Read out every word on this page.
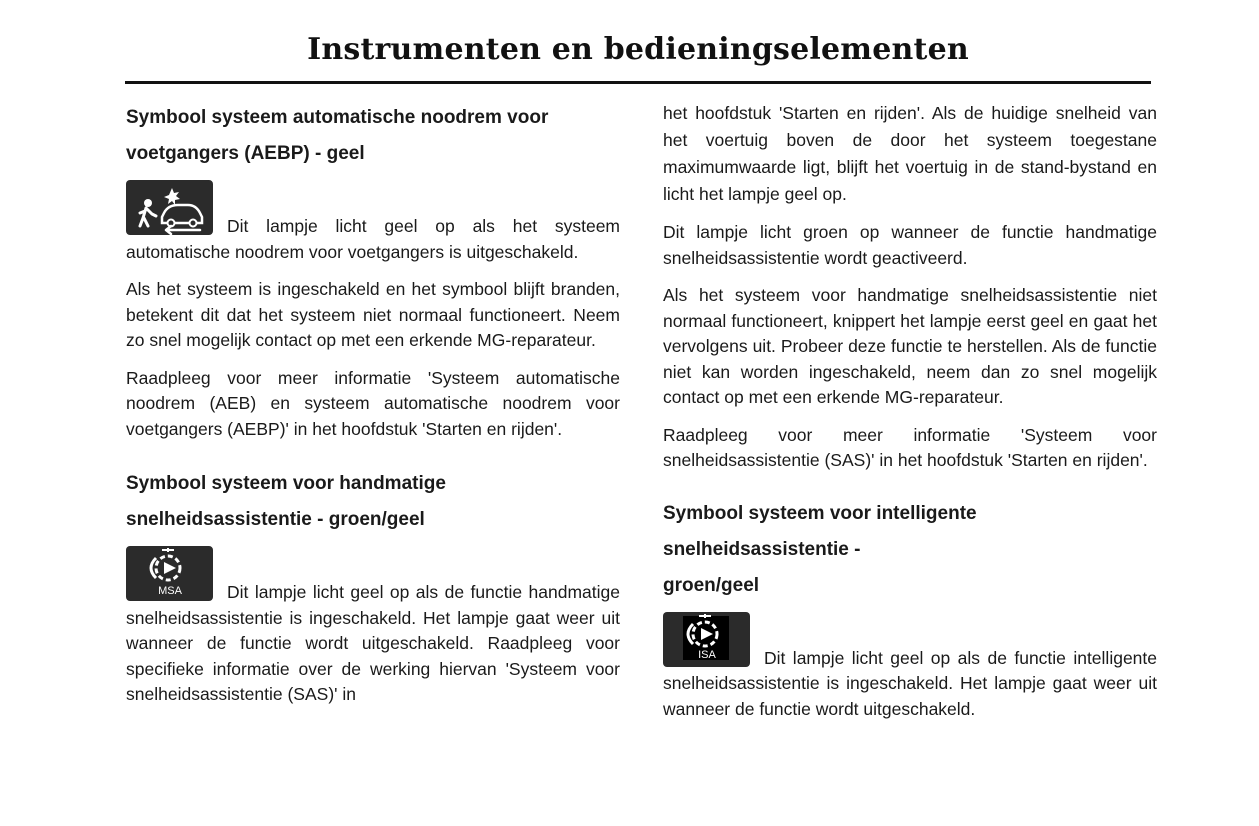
Instrumenten en bedieningselementen
Symbool systeem automatische noodrem voor
voetgangers (AEBP) - geel

Dit lampje licht geel op als het systeem automatische noodrem voor voetgangers is uitgeschakeld.

Als het systeem is ingeschakeld en het symbool blijft branden, betekent dit dat het systeem niet normaal functioneert. Neem zo snel mogelijk contact op met een erkende MG-reparateur.

Raadpleeg voor meer informatie 'Systeem automatische noodrem (AEB) en systeem automatische noodrem voor voetgangers (AEBP)' in het hoofdstuk 'Starten en rijden'.

Symbool systeem voor handmatige
snelheidsassistentie - groen/geel

MSA	Dit lampje licht geel op als de functie handmatige snelheidsassistentie is ingeschakeld. Het lampje gaat weer uit wanneer de functie wordt uitgeschakeld. Raadpleeg voor specifieke informatie over de werking hiervan 'Systeem voor snelheidsassistentie (SAS)' in

het hoofdstuk 'Starten en rijden'. Als de huidige snelheid van het voertuig boven de door het systeem toegestane maximumwaarde ligt, blijft het voertuig in de stand-bystand en licht het lampje geel op.

Dit lampje licht groen op wanneer de functie handmatige snelheidsassistentie wordt geactiveerd.

Als het systeem voor handmatige snelheidsassistentie niet normaal functioneert, knippert het lampje eerst geel en gaat het vervolgens uit. Probeer deze functie te herstellen. Als de functie niet kan worden ingeschakeld, neem dan zo snel mogelijk contact op met een erkende MG-reparateur.

Raadpleeg voor meer informatie 'Systeem voor snelheidsassistentie (SAS)' in het hoofdstuk 'Starten en rijden'.

Symbool systeem voor intelligente snelheidsassistentie -
groen/geel

ISA	Dit lampje licht geel op als de functie intelligente snelheidsassistentie is ingeschakeld. Het lampje gaat weer uit wanneer de functie wordt uitgeschakeld.
